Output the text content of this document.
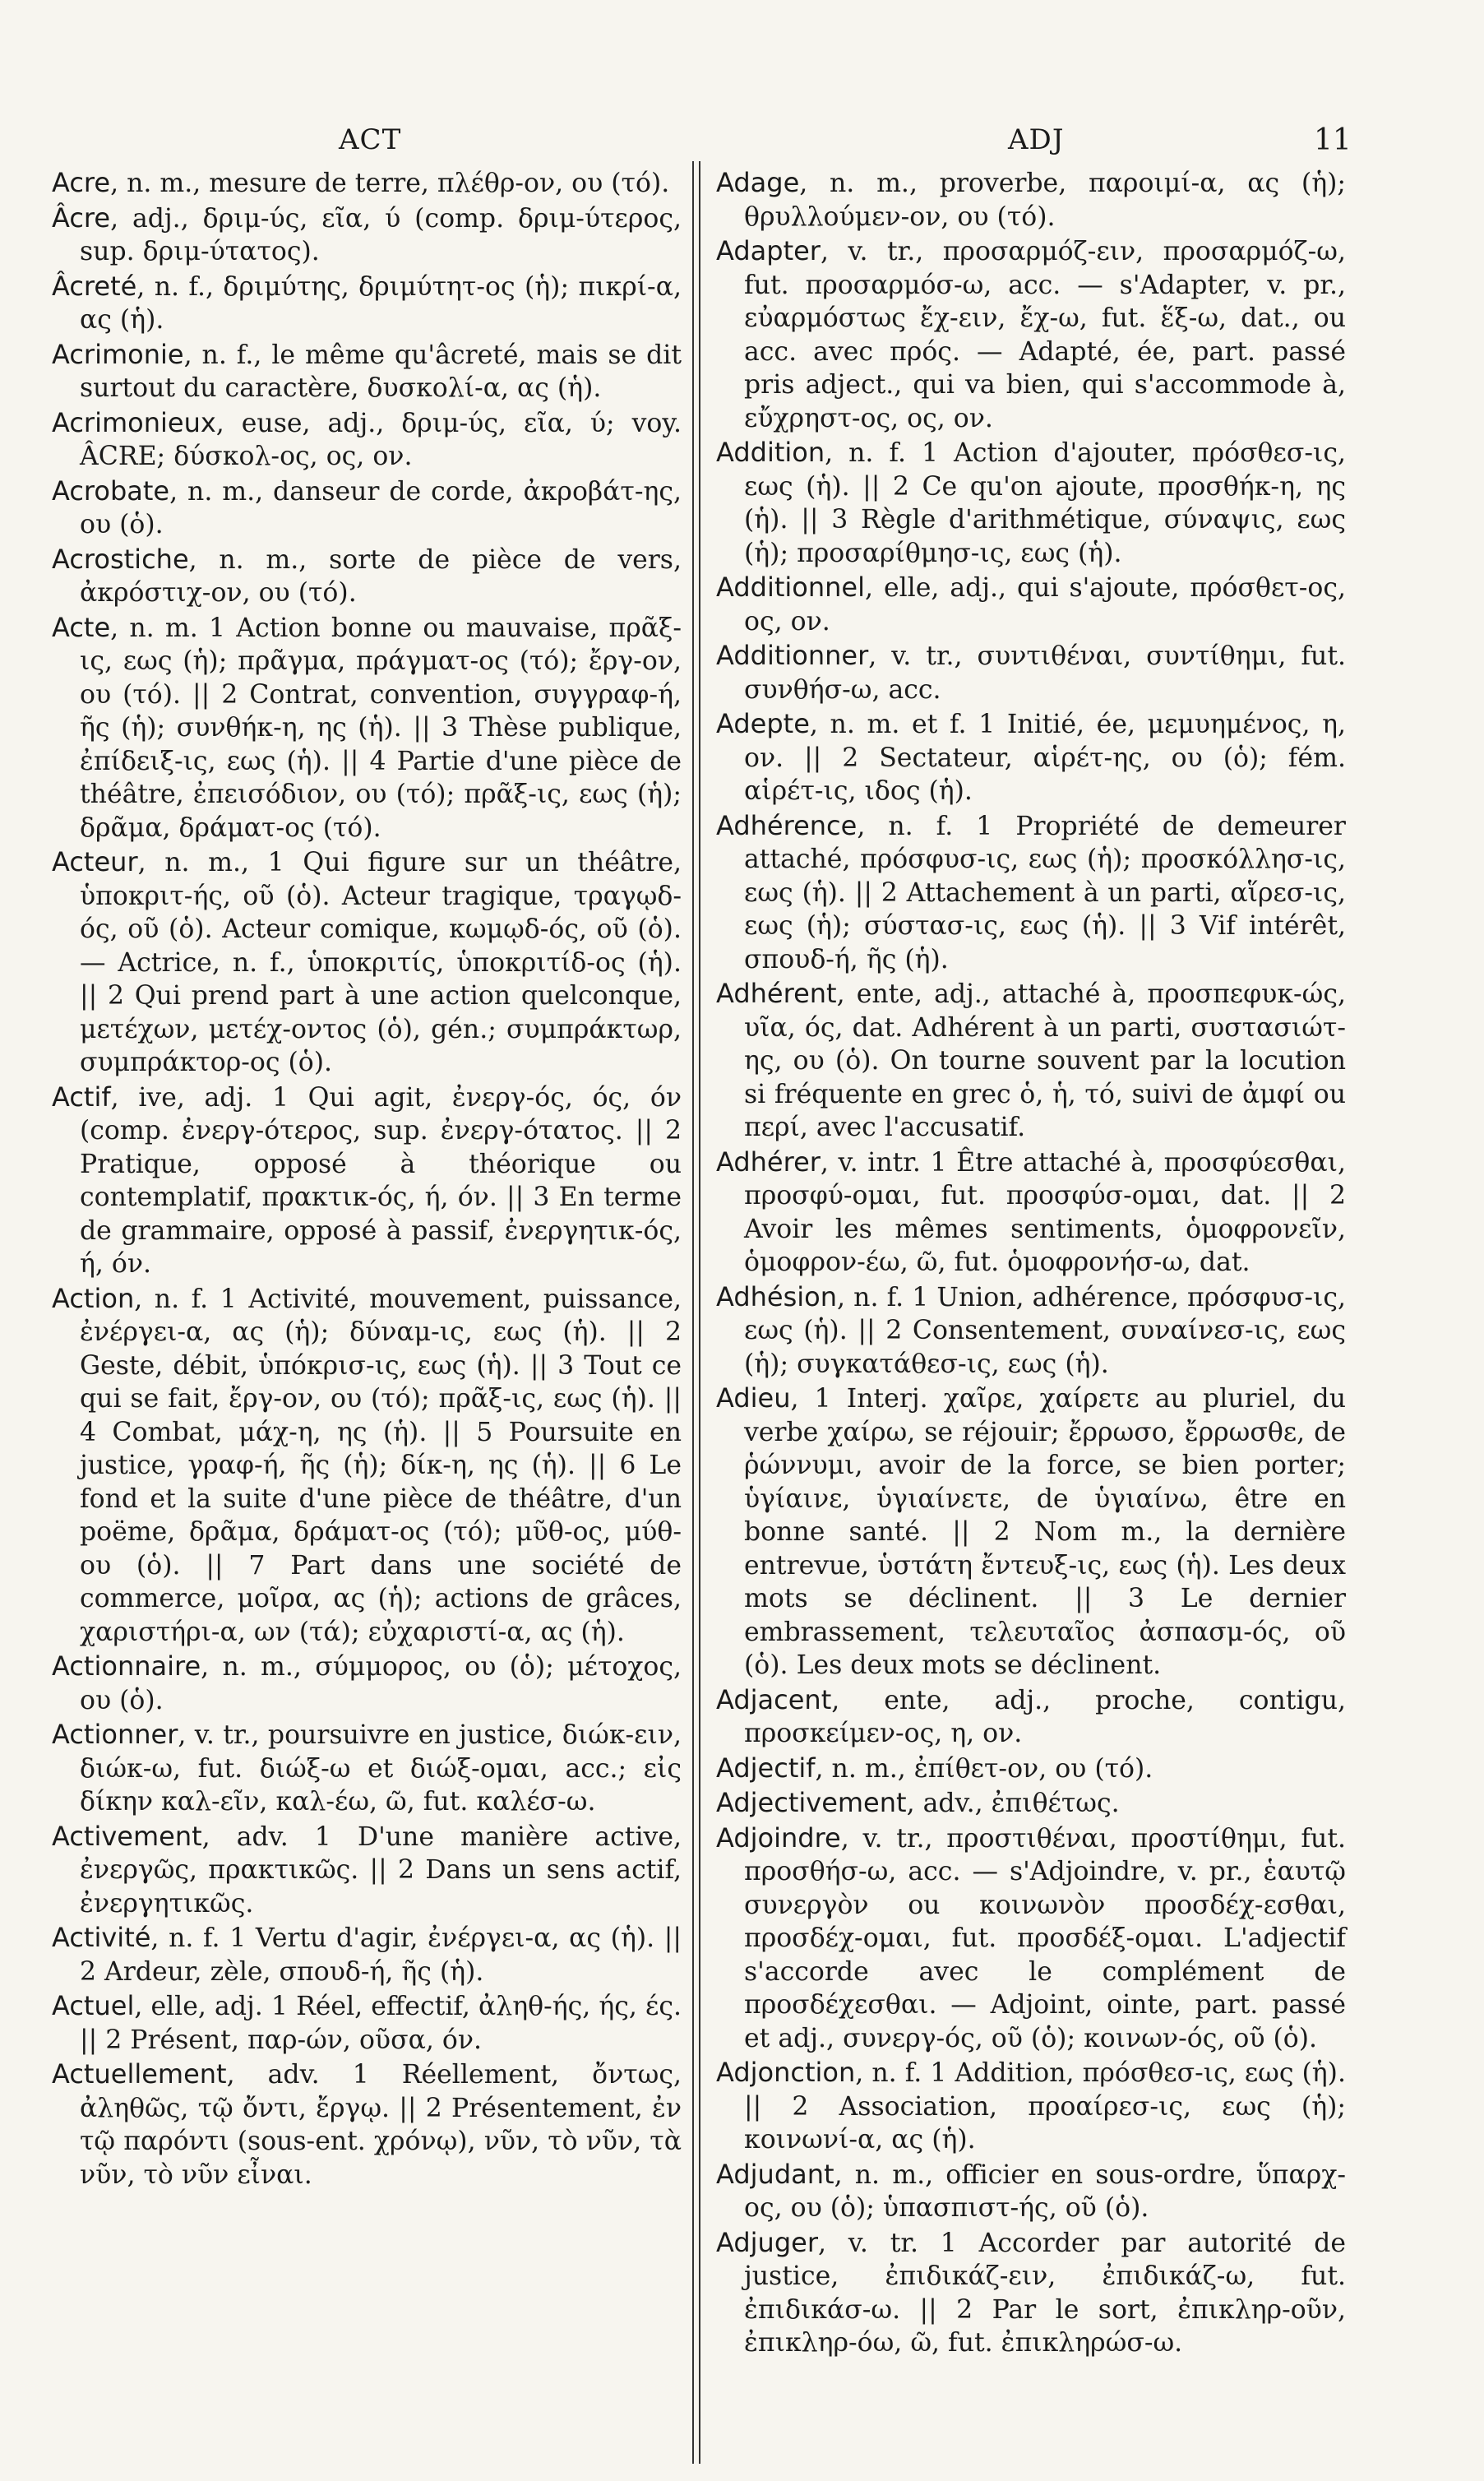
ACT	ADJ	11

Acre, n. m., mesure de terre, πλέθρ-ον, ου (τό).

Âcre, adj., δριμ-ύς, εῖα, ύ (comp. δριμ-ύτερος, sup. δριμ-ύτατος).

Âcreté, n. f., δριμύτης, δριμύτητ-ος (ἡ); πικρί-α, ας (ἡ).

Acrimonie, n. f., le même qu'âcreté, mais se dit surtout du caractère, δυσκολί-α, ας (ἡ).

Acrimonieux, euse, adj., δριμ-ύς, εῖα, ύ; voy. ÂCRE; δύσκολ-ος, ος, ον.

Acrobate, n. m., danseur de corde, ἀκροβάτ-ης, ου (ὁ).

Acrostiche, n. m., sorte de pièce de vers, ἀκρόστιχ-ον, ου (τό).

Acte, n. m. 1 Action bonne ou mauvaise, πρᾶξ-ις, εως (ἡ); πρᾶγμα, πράγματ-ος (τό); ἔργ-ον, ου (τό). || 2 Contrat, convention, συγγραφ-ή, ῆς (ἡ); συνθήκ-η, ης (ἡ). || 3 Thèse publique, ἐπίδειξ-ις, εως (ἡ). || 4 Partie d'une pièce de théâtre, ἐπεισόδιον, ου (τό); πρᾶξ-ις, εως (ἡ); δρᾶμα, δράματ-ος (τό).

Acteur, n. m., 1 Qui figure sur un théâtre, ὑποκριτ-ής, οῦ (ὁ). Acteur tragique, τραγῳδ-ός, οῦ (ὁ). Acteur comique, κωμῳδ-ός, οῦ (ὁ). — Actrice, n. f., ὑποκριτίς, ὑποκριτίδ-ος (ἡ). || 2 Qui prend part à une action quelconque, μετέχων, μετέχ-οντος (ὁ), gén.; συμπράκτωρ, συμπράκτορ-ος (ὁ).

Actif, ive, adj. 1 Qui agit, ἐνεργ-ός, ός, όν (comp. ἐνεργ-ότερος, sup. ἐνεργ-ότατος. || 2 Pratique, opposé à théorique ou contemplatif, πρακτικ-ός, ή, όν. || 3 En terme de grammaire, opposé à passif, ἐνεργητικ-ός, ή, όν.

Action, n. f. 1 Activité, mouvement, puissance, ἐνέργει-α, ας (ἡ); δύναμ-ις, εως (ἡ). || 2 Geste, débit, ὑπόκρισ-ις, εως (ἡ). || 3 Tout ce qui se fait, ἔργ-ον, ου (τό); πρᾶξ-ις, εως (ἡ). || 4 Combat, μάχ-η, ης (ἡ). || 5 Poursuite en justice, γραφ-ή, ῆς (ἡ); δίκ-η, ης (ἡ). || 6 Le fond et la suite d'une pièce de théâtre, d'un poëme, δρᾶμα, δράματ-ος (τό); μῦθ-ος, μύθ-ου (ὁ). || 7 Part dans une société de commerce, μοῖρα, ας (ἡ); actions de grâces, χαριστήρι-α, ων (τά); εὐχαριστί-α, ας (ἡ).

Actionnaire, n. m., σύμμορος, ου (ὁ); μέτοχος, ου (ὁ).

Actionner, v. tr., poursuivre en justice, διώκ-ειν, διώκ-ω, fut. διώξ-ω et διώξ-ομαι, acc.; εἰς δίκην καλ-εῖν, καλ-έω, ῶ, fut. καλέσ-ω.

Activement, adv. 1 D'une manière active, ἐνεργῶς, πρακτικῶς. || 2 Dans un sens actif, ἐνεργητικῶς.

Activité, n. f. 1 Vertu d'agir, ἐνέργει-α, ας (ἡ). || 2 Ardeur, zèle, σπουδ-ή, ῆς (ἡ).

Actuel, elle, adj. 1 Réel, effectif, ἀληθ-ής, ής, ές. || 2 Présent, παρ-ών, οῦσα, όν.

Actuellement, adv. 1 Réellement, ὄντως, ἀληθῶς, τῷ ὄντι, ἔργῳ. || 2 Présentement, ἐν τῷ παρόντι (sous-ent. χρόνῳ), νῦν, τὸ νῦν, τὰ νῦν, τὸ νῦν εἶναι.

Adage, n. m., proverbe, παροιμί-α, ας (ἡ); θρυλλούμεν-ον, ου (τό).

Adapter, v. tr., προσαρμόζ-ειν, προσαρμόζ-ω, fut. προσαρμόσ-ω, acc. — s'Adapter, v. pr., εὐαρμόστως ἔχ-ειν, ἔχ-ω, fut. ἕξ-ω, dat., ou acc. avec πρός. — Adapté, ée, part. passé pris adject., qui va bien, qui s'accommode à, εὔχρηστ-ος, ος, ον.

Addition, n. f. 1 Action d'ajouter, πρόσθεσ-ις, εως (ἡ). || 2 Ce qu'on ajoute, προσθήκ-η, ης (ἡ). || 3 Règle d'arithmétique, σύναψις, εως (ἡ); προσαρίθμησ-ις, εως (ἡ).

Additionnel, elle, adj., qui s'ajoute, πρόσθετ-ος, ος, ον.

Additionner, v. tr., συντιθέναι, συντίθημι, fut. συνθήσ-ω, acc.

Adepte, n. m. et f. 1 Initié, ée, μεμυημένος, η, ον. || 2 Sectateur, αἱρέτ-ης, ου (ὁ); fém. αἱρέτ-ις, ιδος (ἡ).

Adhérence, n. f. 1 Propriété de demeurer attaché, πρόσφυσ-ις, εως (ἡ); προσκόλλησ-ις, εως (ἡ). || 2 Attachement à un parti, αἵρεσ-ις, εως (ἡ); σύστασ-ις, εως (ἡ). || 3 Vif intérêt, σπουδ-ή, ῆς (ἡ).

Adhérent, ente, adj., attaché à, προσπεφυκ-ώς, υῖα, ός, dat. Adhérent à un parti, συστασιώτ-ης, ου (ὁ). On tourne souvent par la locution si fréquente en grec ὁ, ἡ, τό, suivi de ἀμφί ou περί, avec l'accusatif.

Adhérer, v. intr. 1 Être attaché à, προσφύεσθαι, προσφύ-ομαι, fut. προσφύσ-ομαι, dat. || 2 Avoir les mêmes sentiments, ὁμοφρονεῖν, ὁμοφρον-έω, ῶ, fut. ὁμοφρονήσ-ω, dat.

Adhésion, n. f. 1 Union, adhérence, πρόσφυσ-ις, εως (ἡ). || 2 Consentement, συναίνεσ-ις, εως (ἡ); συγκατάθεσ-ις, εως (ἡ).

Adieu, 1 Interj. χαῖρε, χαίρετε au pluriel, du verbe χαίρω, se réjouir; ἔρρωσο, ἔρρωσθε, de ῥώννυμι, avoir de la force, se bien porter; ὑγίαινε, ὑγιαίνετε, de ὑγιαίνω, être en bonne santé. || 2 Nom m., la dernière entrevue, ὑστάτη ἔντευξ-ις, εως (ἡ). Les deux mots se déclinent. || 3 Le dernier embrassement, τελευταῖος ἀσπασμ-ός, οῦ (ὁ). Les deux mots se déclinent.

Adjacent, ente, adj., proche, contigu, προσκείμεν-ος, η, ον.

Adjectif, n. m., ἐπίθετ-ον, ου (τό).

Adjectivement, adv., ἐπιθέτως.

Adjoindre, v. tr., προστιθέναι, προστίθημι, fut. προσθήσ-ω, acc. — s'Adjoindre, v. pr., ἑαυτῷ συνεργὸν ou κοινωνὸν προσδέχ-εσθαι, προσδέχ-ομαι, fut. προσδέξ-ομαι. L'adjectif s'accorde avec le complément de προσδέχεσθαι. — Adjoint, ointe, part. passé et adj., συνεργ-ός, οῦ (ὁ); κοινων-ός, οῦ (ὁ).

Adjonction, n. f. 1 Addition, πρόσθεσ-ις, εως (ἡ). || 2 Association, προαίρεσ-ις, εως (ἡ); κοινωνί-α, ας (ἡ).

Adjudant, n. m., officier en sous-ordre, ὕπαρχ-ος, ου (ὁ); ὑπασπιστ-ής, οῦ (ὁ).

Adjuger, v. tr. 1 Accorder par autorité de justice, ἐπιδικάζ-ειν, ἐπιδικάζ-ω, fut. ἐπιδικάσ-ω. || 2 Par le sort, ἐπικληρ-οῦν, ἐπικληρ-όω, ῶ, fut. ἐπικληρώσ-ω.
